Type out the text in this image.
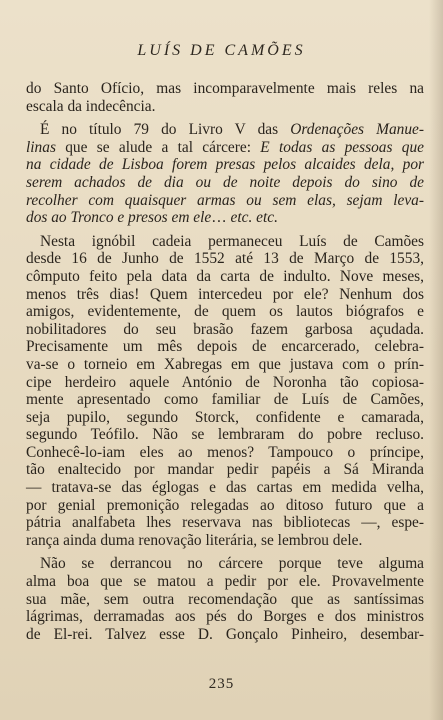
LUÍS DE CAMÕES
do Santo Ofício, mas incomparavelmente mais reles na
escala da indecência.
É no título 79 do Livro V das Ordenações Manue-
linas que se alude a tal cárcere: E todas as pessoas que
na cidade de Lisboa forem presas pelos alcaides dela, por
serem achados de dia ou de noite depois do sino de
recolher com quaisquer armas ou sem elas, sejam leva-
dos ao Tronco e presos em ele… etc. etc.
Nesta ignóbil cadeia permaneceu Luís de Camões
desde 16 de Junho de 1552 até 13 de Março de 1553,
cômputo feito pela data da carta de indulto. Nove meses,
menos três dias! Quem intercedeu por ele? Nenhum dos
amigos, evidentemente, de quem os lautos biógrafos e
nobilitadores do seu brasão fazem garbosa açudada.
Precisamente um mês depois de encarcerado, celebra-
va-se o torneio em Xabregas em que justava com o prín-
cipe herdeiro aquele António de Noronha tão copiosa-
mente apresentado como familiar de Luís de Camões,
seja pupilo, segundo Storck, confidente e camarada,
segundo Teófilo. Não se lembraram do pobre recluso.
Conhecê-lo-iam eles ao menos? Tampouco o príncipe,
tão enaltecido por mandar pedir papéis a Sá Miranda
— tratava-se das églogas e das cartas em medida velha,
por genial premonição relegadas ao ditoso futuro que a
pátria analfabeta lhes reservava nas bibliotecas —, espe-
rança ainda duma renovação literária, se lembrou dele.
Não se derrancou no cárcere porque teve alguma
alma boa que se matou a pedir por ele. Provavelmente
sua mãe, sem outra recomendação que as santíssimas
lágrimas, derramadas aos pés do Borges e dos ministros
de El-rei. Talvez esse D. Gonçalo Pinheiro, desembar-
235
